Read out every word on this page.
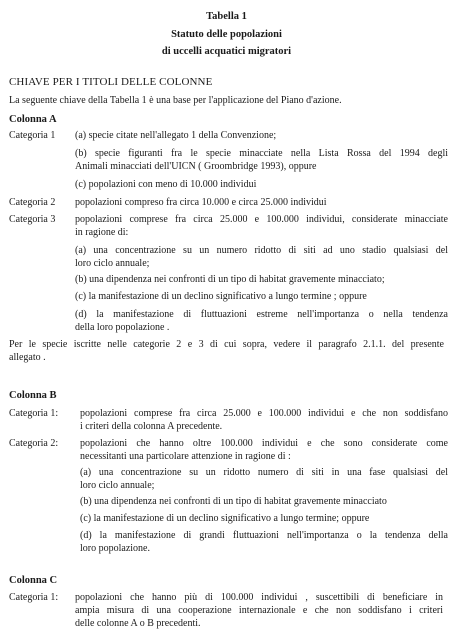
Tabella 1
Statuto delle popolazioni
di uccelli acquatici migratori
CHIAVE PER I TITOLI DELLE COLONNE
La seguente chiave della Tabella 1 è una base per l'applicazione del Piano d'azione.
Colonna A
Categoria 1 (a) specie citate nell'allegato 1 della Convenzione;
(b) specie figuranti fra le specie minacciate nella Lista Rossa del 1994 degli
Animali minacciati dell'UICN ( Groombridge 1993), oppure
(c) popolazioni con meno di 10.000 individui
Categoria 2 popolazioni compreso fra circa 10.000 e circa 25.000 individui
Categoria 3 popolazioni comprese fra circa 25.000 e 100.000 individui, considerate minacciate
in ragione di:
(a) una concentrazione su un numero ridotto di siti ad uno stadio qualsiasi del
loro ciclo annuale;
(b) una dipendenza nei confronti di un tipo di habitat gravemente minacciato;
(c) la manifestazione di un declino significativo a lungo termine ; oppure
(d) la manifestazione di fluttuazioni estreme nell'importanza o nella tendenza
della loro popolazione .
Per le specie iscritte nelle categorie 2 e 3 di cui sopra, vedere il paragrafo 2.1.1. del presente
allegato .
Colonna B
Categoria 1: popolazioni comprese fra circa 25.000 e 100.000 individui e che non soddisfano
i criteri della colonna A precedente.
Categoria 2: popolazioni che hanno oltre 100.000 individui e che sono considerate come
necessitanti una particolare attenzione in ragione di :
(a) una concentrazione su un ridotto numero di siti in una fase qualsiasi del
loro ciclo annuale;
(b) una dipendenza nei confronti di un tipo di habitat gravemente minacciato
(c) la manifestazione di un declino significativo a lungo termine; oppure
(d) la manifestazione di grandi fluttuazioni nell'importanza o la tendenza della
loro popolazione.
Colonna C
Categoria 1: popolazioni che hanno più di 100.000 individui , suscettibili di beneficiare in
ampia misura di una cooperazione internazionale e che non soddisfano i criteri
delle colonne A o B precedenti.
